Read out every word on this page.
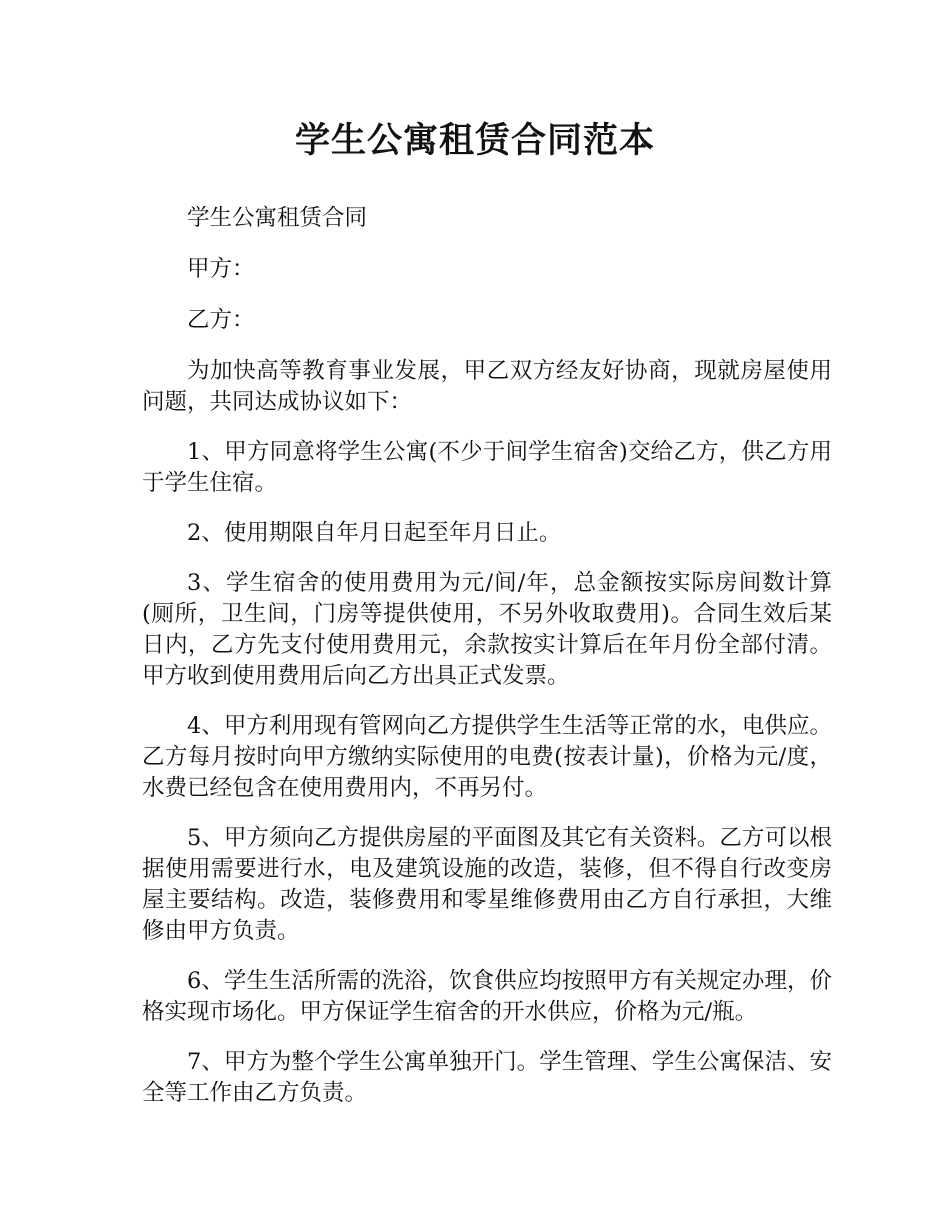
学生公寓租赁合同范本

学生公寓租赁合同

甲方：

乙方：

为加快高等教育事业发展，甲乙双方经友好协商，现就房屋使用问题，共同达成协议如下：

1、甲方同意将学生公寓(不少于间学生宿舍)交给乙方，供乙方用于学生住宿。

2、使用期限自年月日起至年月日止。

3、学生宿舍的使用费用为元/间/年，总金额按实际房间数计算(厕所，卫生间，门房等提供使用，不另外收取费用)。合同生效后某日内，乙方先支付使用费用元，余款按实计算后在年月份全部付清。甲方收到使用费用后向乙方出具正式发票。

4、甲方利用现有管网向乙方提供学生生活等正常的水，电供应。乙方每月按时向甲方缴纳实际使用的电费(按表计量)，价格为元/度，水费已经包含在使用费用内，不再另付。

5、甲方须向乙方提供房屋的平面图及其它有关资料。乙方可以根据使用需要进行水，电及建筑设施的改造，装修，但不得自行改变房屋主要结构。改造，装修费用和零星维修费用由乙方自行承担，大维修由甲方负责。

6、学生生活所需的洗浴，饮食供应均按照甲方有关规定办理，价格实现市场化。甲方保证学生宿舍的开水供应，价格为元/瓶。

7、甲方为整个学生公寓单独开门。学生管理、学生公寓保洁、安全等工作由乙方负责。
